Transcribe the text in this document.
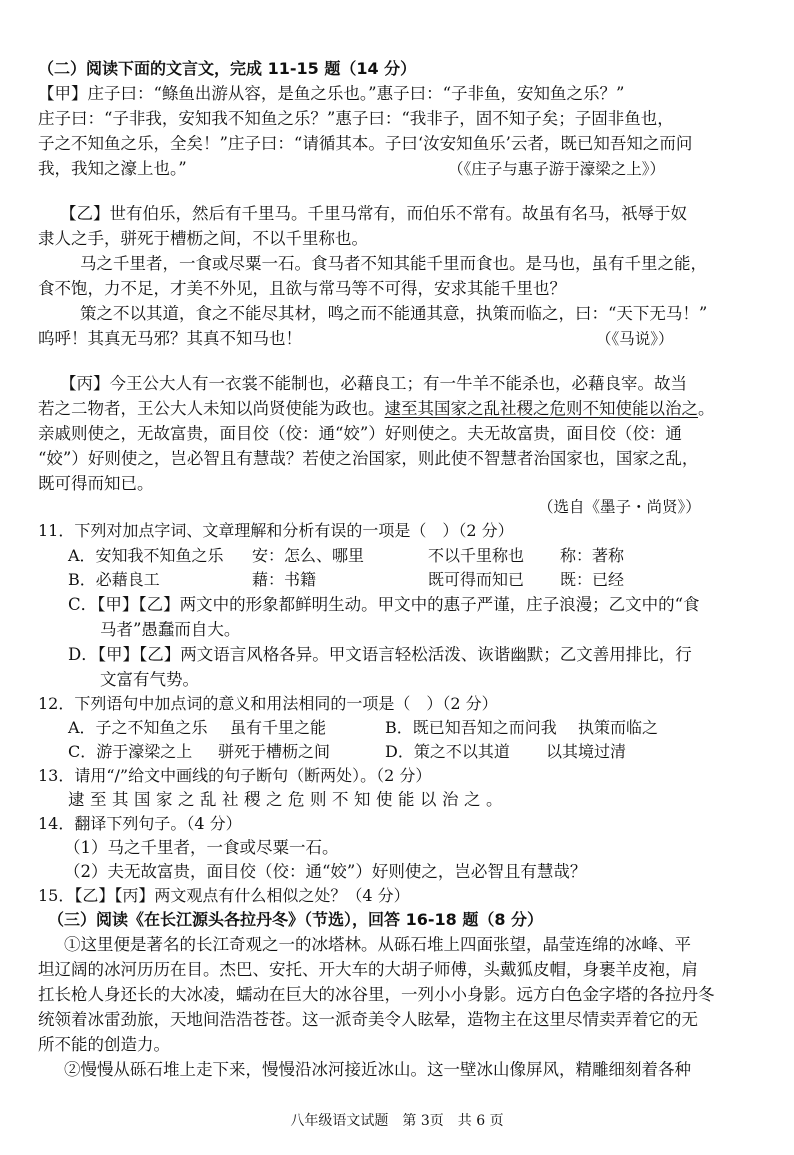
（二）阅读下面的文言文，完成 11-15 题（14 分）
【甲】庄子曰：“鲦鱼出游从容，是鱼之乐也。”惠子曰：“子非鱼，安知鱼之乐？”
庄子曰：“子非我，安知我不知鱼之乐？”惠子曰：“我非子，固不知子矣；子固非鱼也，
子之不知鱼之乐，全矣！”庄子曰：“请循其本。子曰‘汝安知鱼乐’云者，既已知吾知之而问
我，我知之濠上也。”	（《庄子与惠子游于濠梁之上》）
【乙】世有伯乐，然后有千里马。千里马常有，而伯乐不常有。故虽有名马，祇辱于奴
隶人之手，骈死于槽枥之间，不以千里称也。
马之千里者，一食或尽粟一石。食马者不知其能千里而食也。是马也，虽有千里之能，
食不饱，力不足，才美不外见，且欲与常马等不可得，安求其能千里也？
策之不以其道，食之不能尽其材，鸣之而不能通其意，执策而临之，曰：“天下无马！”
呜呼！其真无马邪？其真不知马也！	（《马说》）
【丙】今王公大人有一衣裳不能制也，必藉良工；有一牛羊不能杀也，必藉良宰。故当
若之二物者，王公大人未知以尚贤使能为政也。逮至其国家之乱社稷之危则不知使能以治之。
亲戚则使之，无故富贵，面目佼（佼：通“姣”）好则使之。夫无故富贵，面目佼（佼：通
“姣”）好则使之，岂必智且有慧哉？若使之治国家，则此使不智慧者治国家也，国家之乱，
既可得而知已。
（选自《墨子・尚贤》）
11．下列对加点字词、文章理解和分析有误的一项是（　）（2 分）
A．安知我不知鱼之乐 安：怎么、哪里	不以千里称也 称：著称
B．必藉良工	藉：书籍	既可得而知已 既：已经
C．【甲】【乙】两文中的形象都鲜明生动。甲文中的惠子严谨，庄子浪漫；乙文中的“食
马者”愚蠢而自大。
D．【甲】【乙】两文语言风格各异。甲文语言轻松活泼、诙谐幽默；乙文善用排比，行
文富有气势。
12．下列语句中加点词的意义和用法相同的一项是（　）（2 分）
A．子之不知鱼之乐 虽有千里之能	B．既已知吾知之而问我 执策而临之
C．游于濠梁之上 骈死于槽枥之间	D．策之不以其道 以其境过清
13．请用“/”给文中画线的句子断句（断两处）。（2 分）
逮至其国家之乱社稷之危则不知使能以治之。
14．翻译下列句子。（4 分）
（1）马之千里者，一食或尽粟一石。
（2）夫无故富贵，面目佼（佼：通“姣”）好则使之，岂必智且有慧哉？
15．【乙】【丙】两文观点有什么相似之处？（4 分）
（三）阅读《在长江源头各拉丹冬》（节选），回答 16-18 题（8 分）
①这里便是著名的长江奇观之一的冰塔林。从砾石堆上四面张望，晶莹连绵的冰峰、平
坦辽阔的冰河历历在目。杰巴、安托、开大车的大胡子师傅，头戴狐皮帽，身裹羊皮袍，肩
扛长枪人身还长的大冰凌，蠕动在巨大的冰谷里，一列小小身影。远方白色金字塔的各拉丹冬
统领着冰雷劲旅，天地间浩浩苍苍。这一派奇美令人眩晕，造物主在这里尽情卖弄着它的无
所不能的创造力。
②慢慢从砾石堆上走下来，慢慢沿冰河接近冰山。这一壁冰山像屏风，精雕细刻着各种
八年级语文试题　第 3页　共 6 页
